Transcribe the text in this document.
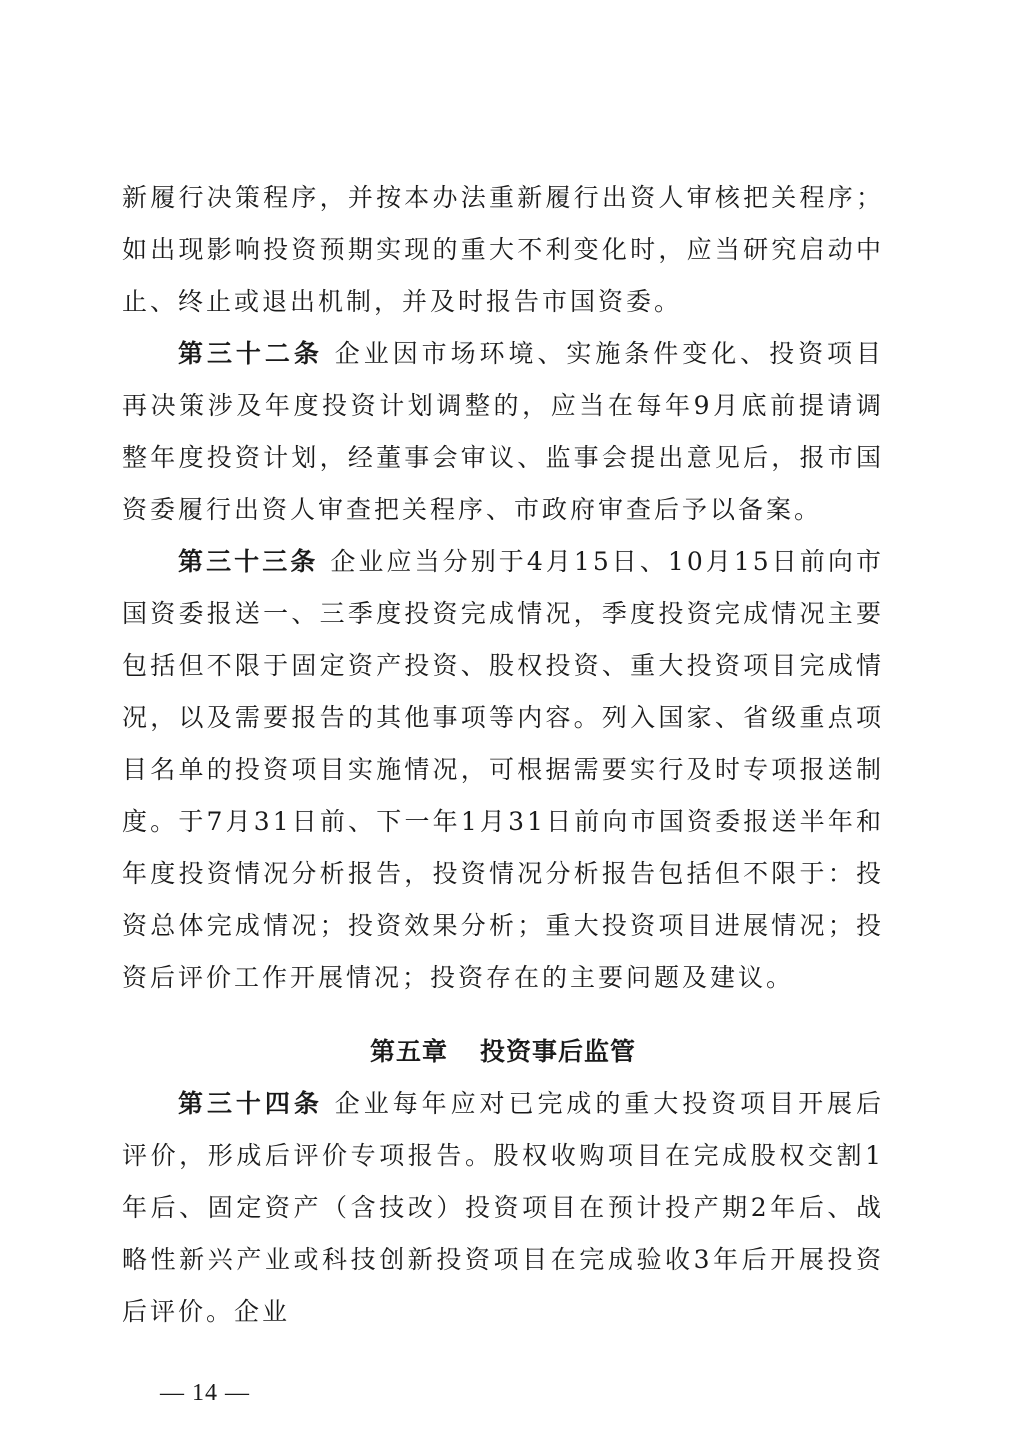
新履行决策程序，并按本办法重新履行出资人审核把关程序；如出现影响投资预期实现的重大不利变化时，应当研究启动中止、终止或退出机制，并及时报告市国资委。

第三十二条 企业因市场环境、实施条件变化、投资项目再决策涉及年度投资计划调整的，应当在每年9月底前提请调整年度投资计划，经董事会审议、监事会提出意见后，报市国资委履行出资人审查把关程序、市政府审查后予以备案。

第三十三条 企业应当分别于4月15日、10月15日前向市国资委报送一、三季度投资完成情况，季度投资完成情况主要包括但不限于固定资产投资、股权投资、重大投资项目完成情况，以及需要报告的其他事项等内容。列入国家、省级重点项目名单的投资项目实施情况，可根据需要实行及时专项报送制度。于7月31日前、下一年1月31日前向市国资委报送半年和年度投资情况分析报告，投资情况分析报告包括但不限于：投资总体完成情况；投资效果分析；重大投资项目进展情况；投资后评价工作开展情况；投资存在的主要问题及建议。

第五章 投资事后监管

第三十四条 企业每年应对已完成的重大投资项目开展后评价，形成后评价专项报告。股权收购项目在完成股权交割1年后、固定资产（含技改）投资项目在预计投产期2年后、战略性新兴产业或科技创新投资项目在完成验收3年后开展投资后评价。企业

— 14 —
